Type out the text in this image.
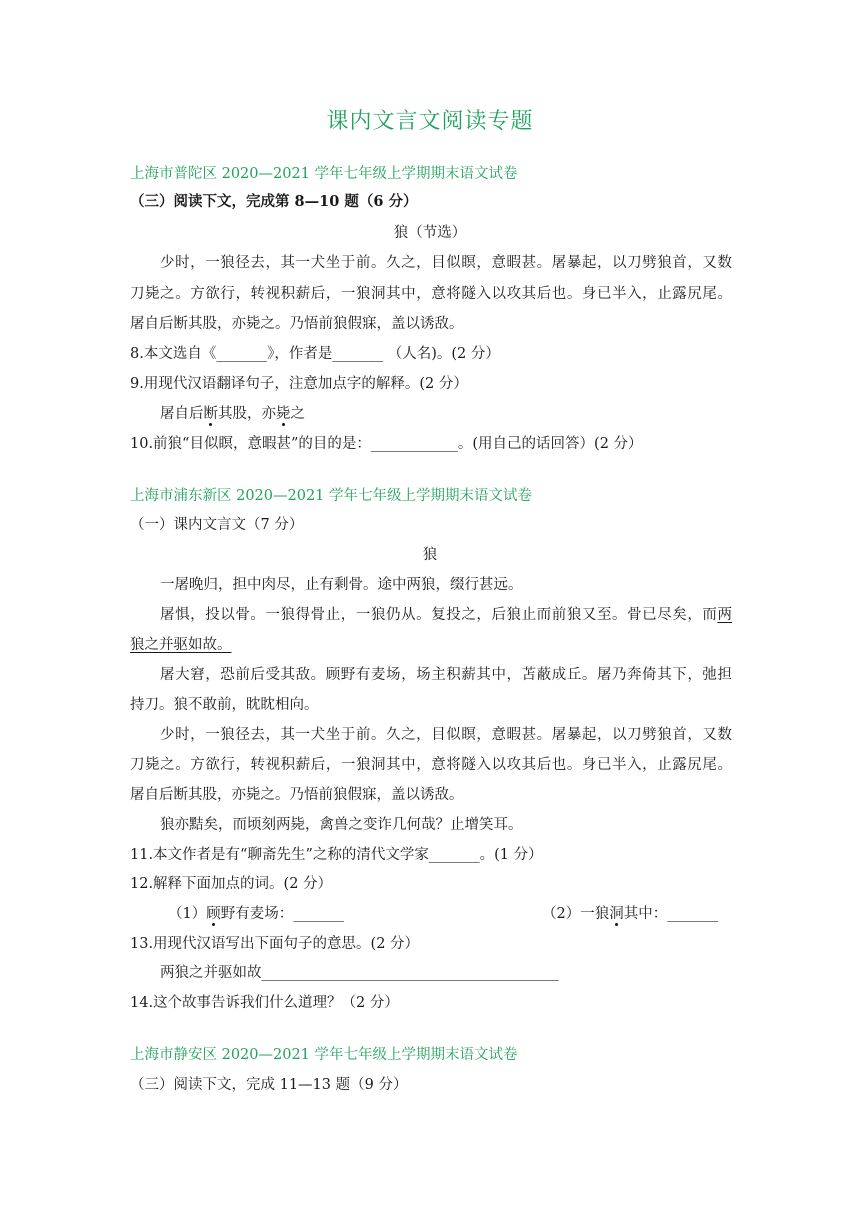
课内文言文阅读专题
上海市普陀区 2020—2021 学年七年级上学期期末语文试卷
（三）阅读下文，完成第 8—10 题（6 分）
狼（节选）
少时，一狼径去，其一犬坐于前。久之，目似瞑，意暇甚。屠暴起，以刀劈狼首，又数
刀毙之。方欲行，转视积薪后，一狼洞其中，意将隧入以攻其后也。身已半入，止露尻尾。
屠自后断其股，亦毙之。乃悟前狼假寐，盖以诱敌。
8.本文选自《_______》，作者是_______ （人名)。(2 分）
9.用现代汉语翻译句子，注意加点字的解释。(2 分）
屠自后断其股，亦毙之
10.前狼“目似瞑，意暇甚”的目的是：____________。(用自己的话回答）(2 分）
上海市浦东新区 2020—2021 学年七年级上学期期末语文试卷
（一）课内文言文（7 分）
狼
一屠晚归，担中肉尽，止有剩骨。途中两狼，缀行甚远。
屠惧，投以骨。一狼得骨止，一狼仍从。复投之，后狼止而前狼又至。骨已尽矣，而两
狼之并驱如故。
屠大窘，恐前后受其敌。顾野有麦场，场主积薪其中，苫蔽成丘。屠乃奔倚其下，弛担
持刀。狼不敢前，眈眈相向。
少时，一狼径去，其一犬坐于前。久之，目似瞑，意暇甚。屠暴起，以刀劈狼首，又数
刀毙之。方欲行，转视积薪后，一狼洞其中，意将隧入以攻其后也。身已半入，止露尻尾。
屠自后断其股，亦毙之。乃悟前狼假寐，盖以诱敌。
狼亦黠矣，而顷刻两毙，禽兽之变诈几何哉？止增笑耳。
11.本文作者是有“聊斋先生”之称的清代文学家_______。(1 分）
12.解释下面加点的词。(2 分）
（1）顾野有麦场：_______	（2）一狼洞其中：_______
13.用现代汉语写出下面句子的意思。(2 分）
两狼之并驱如故_________________________________________
14.这个故事告诉我们什么道理？（2 分）
上海市静安区 2020—2021 学年七年级上学期期末语文试卷
（三）阅读下文，完成 11—13 题（9 分）
